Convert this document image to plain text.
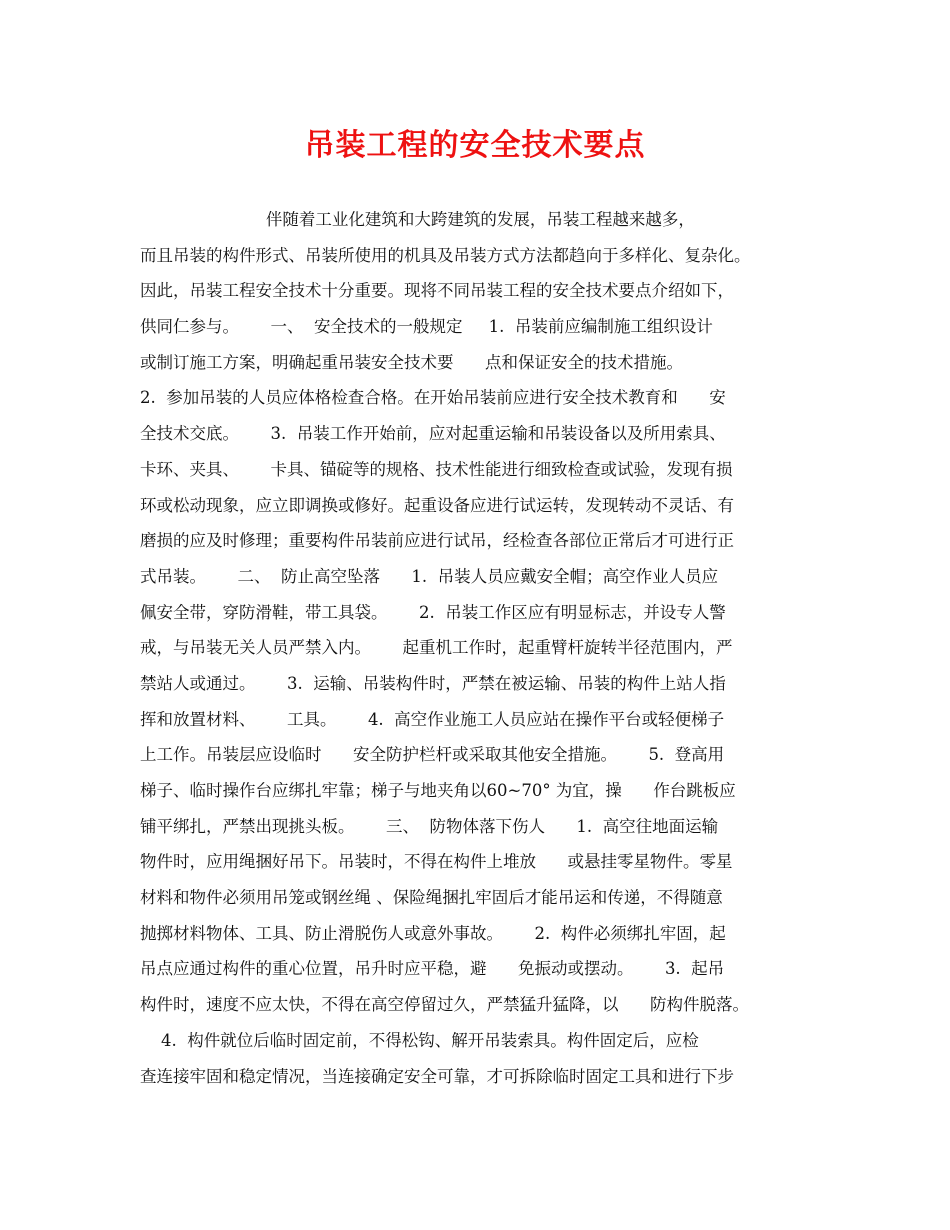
吊装工程的安全技术要点
伴随着工业化建筑和大跨建筑的发展，吊装工程越来越多，
而且吊装的构件形式、吊装所使用的机具及吊装方式方法都趋向于多样化、复杂化。
因此，吊装工程安全技术十分重要。现将不同吊装工程的安全技术要点介绍如下，
供同仁参与。      一、  安全技术的一般规定     1.  吊装前应编制施工组织设计
或制订施工方案，明确起重吊装安全技术要      点和保证安全的技术措施。
2.  参加吊装的人员应体格检查合格。在开始吊装前应进行安全技术教育和      安
全技术交底。      3.  吊装工作开始前，应对起重运输和吊装设备以及所用索具、
卡环、夹具、      卡具、锚碇等的规格、技术性能进行细致检查或试验，发现有损
环或松动现象，应立即调换或修好。起重设备应进行试运转，发现转动不灵话、有
磨损的应及时修理；重要构件吊装前应进行试吊，经检查各部位正常后才可进行正
式吊装。      二、  防止高空坠落      1.  吊装人员应戴安全帽；高空作业人员应
佩安全带，穿防滑鞋，带工具袋。      2.  吊装工作区应有明显标志，并设专人警
戒，与吊装无关人员严禁入内。      起重机工作时，起重臂杆旋转半径范围内，严
禁站人或通过。      3.  运输、吊装构件时，严禁在被运输、吊装的构件上站人指
挥和放置材料、      工具。      4.  高空作业施工人员应站在操作平台或轻便梯子
上工作。吊装层应设临时      安全防护栏杆或采取其他安全措施。      5.  登高用
梯子、临时操作台应绑扎牢靠；梯子与地夹角以60~70° 为宜，操      作台跳板应
铺平绑扎，严禁出现挑头板。      三、  防物体落下伤人      1.  高空往地面运输
物件时，应用绳捆好吊下。吊装时，不得在构件上堆放      或悬挂零星物件。零星
材料和物件必须用吊笼或钢丝绳 、保险绳捆扎牢固后才能吊运和传递，不得随意
抛掷材料物体、工具、防止滑脱伤人或意外事故。      2.  构件必须绑扎牢固，起
吊点应通过构件的重心位置，吊升时应平稳，避      免振动或摆动。      3.  起吊
构件时，速度不应太快，不得在高空停留过久，严禁猛升猛降，以      防构件脱落。
4.  构件就位后临时固定前，不得松钩、解开吊装索具。构件固定后，应检
查连接牢固和稳定情况，当连接确定安全可靠，才可拆除临时固定工具和进行下步
